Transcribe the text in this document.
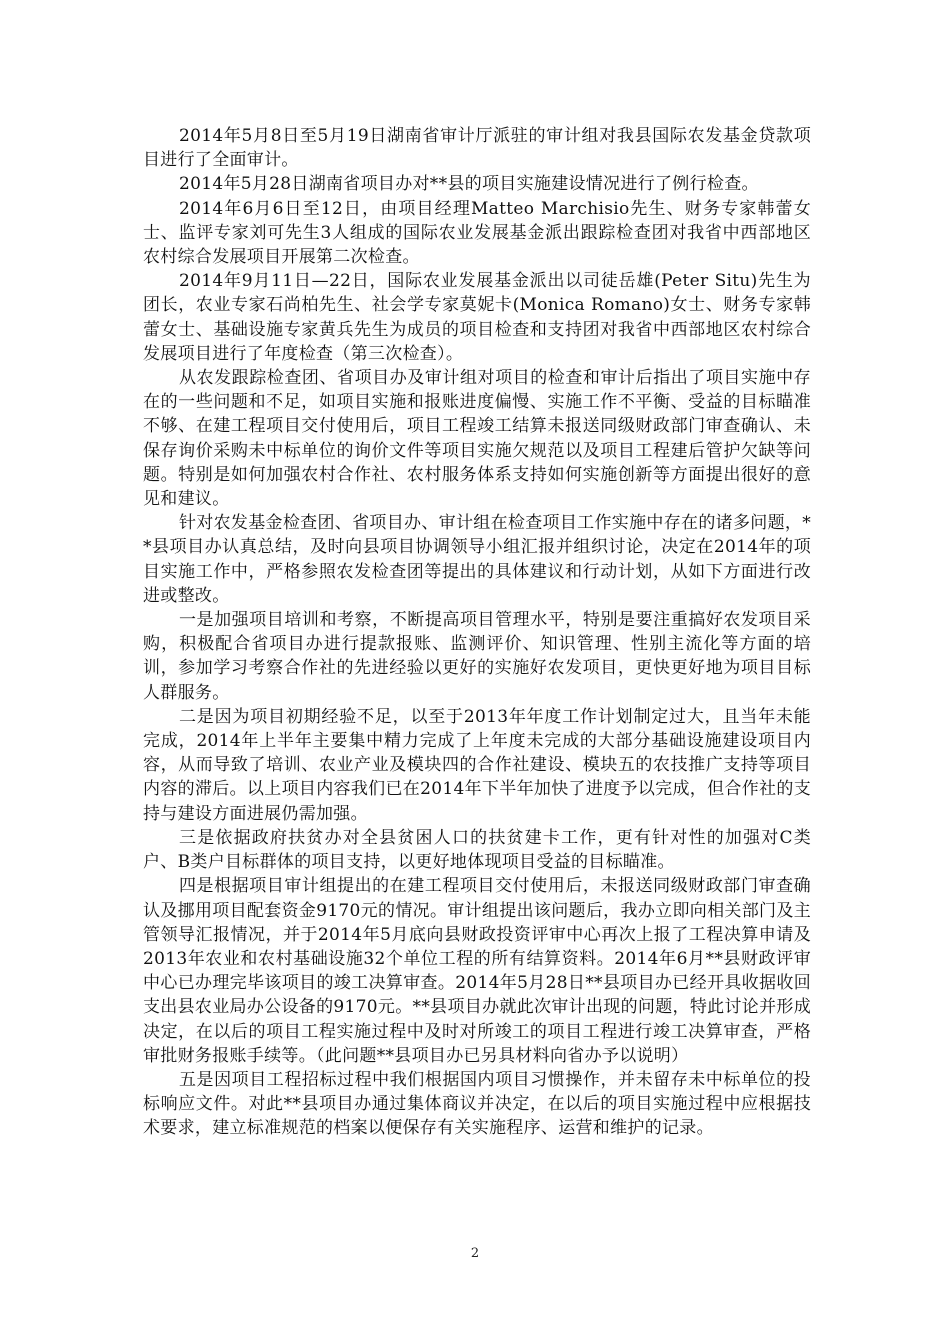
2014年5月8日至5月19日湖南省审计厅派驻的审计组对我县国际农发基金贷款项目进行了全面审计。

2014年5月28日湖南省项目办对**县的项目实施建设情况进行了例行检查。

2014年6月6日至12日，由项目经理Matteo Marchisio先生、财务专家韩蕾女士、监评专家刘可先生3人组成的国际农业发展基金派出跟踪检查团对我省中西部地区农村综合发展项目开展第二次检查。

2014年9月11日—22日，国际农业发展基金派出以司徒岳雄(Peter Situ)先生为团长，农业专家石尚柏先生、社会学专家莫妮卡(Monica Romano)女士、财务专家韩蕾女士、基础设施专家黄兵先生为成员的项目检查和支持团对我省中西部地区农村综合发展项目进行了年度检查（第三次检查）。

从农发跟踪检查团、省项目办及审计组对项目的检查和审计后指出了项目实施中存在的一些问题和不足，如项目实施和报账进度偏慢、实施工作不平衡、受益的目标瞄准不够、在建工程项目交付使用后，项目工程竣工结算未报送同级财政部门审查确认、未保存询价采购未中标单位的询价文件等项目实施欠规范以及项目工程建后管护欠缺等问题。特别是如何加强农村合作社、农村服务体系支持如何实施创新等方面提出很好的意见和建议。

针对农发基金检查团、省项目办、审计组在检查项目工作实施中存在的诸多问题，**县项目办认真总结，及时向县项目协调领导小组汇报并组织讨论，决定在2014年的项目实施工作中，严格参照农发检查团等提出的具体建议和行动计划，从如下方面进行改进或整改。

一是加强项目培训和考察，不断提高项目管理水平，特别是要注重搞好农发项目采购，积极配合省项目办进行提款报账、监测评价、知识管理、性别主流化等方面的培训，参加学习考察合作社的先进经验以更好的实施好农发项目，更快更好地为项目目标人群服务。

二是因为项目初期经验不足，以至于2013年年度工作计划制定过大，且当年未能完成，2014年上半年主要集中精力完成了上年度未完成的大部分基础设施建设项目内容，从而导致了培训、农业产业及模块四的合作社建设、模块五的农技推广支持等项目内容的滞后。以上项目内容我们已在2014年下半年加快了进度予以完成，但合作社的支持与建设方面进展仍需加强。

三是依据政府扶贫办对全县贫困人口的扶贫建卡工作，更有针对性的加强对C类户、B类户目标群体的项目支持，以更好地体现项目受益的目标瞄准。

四是根据项目审计组提出的在建工程项目交付使用后，未报送同级财政部门审查确认及挪用项目配套资金9170元的情况。审计组提出该问题后，我办立即向相关部门及主管领导汇报情况，并于2014年5月底向县财政投资评审中心再次上报了工程决算申请及2013年农业和农村基础设施32个单位工程的所有结算资料。2014年6月**县财政评审中心已办理完毕该项目的竣工决算审查。2014年5月28日**县项目办已经开具收据收回支出县农业局办公设备的9170元。**县项目办就此次审计出现的问题，特此讨论并形成决定，在以后的项目工程实施过程中及时对所竣工的项目工程进行竣工决算审查，严格审批财务报账手续等。（此问题**县项目办已另具材料向省办予以说明）

五是因项目工程招标过程中我们根据国内项目习惯操作，并未留存未中标单位的投标响应文件。对此**县项目办通过集体商议并决定，在以后的项目实施过程中应根据技术要求，建立标准规范的档案以便保存有关实施程序、运营和维护的记录。

2
